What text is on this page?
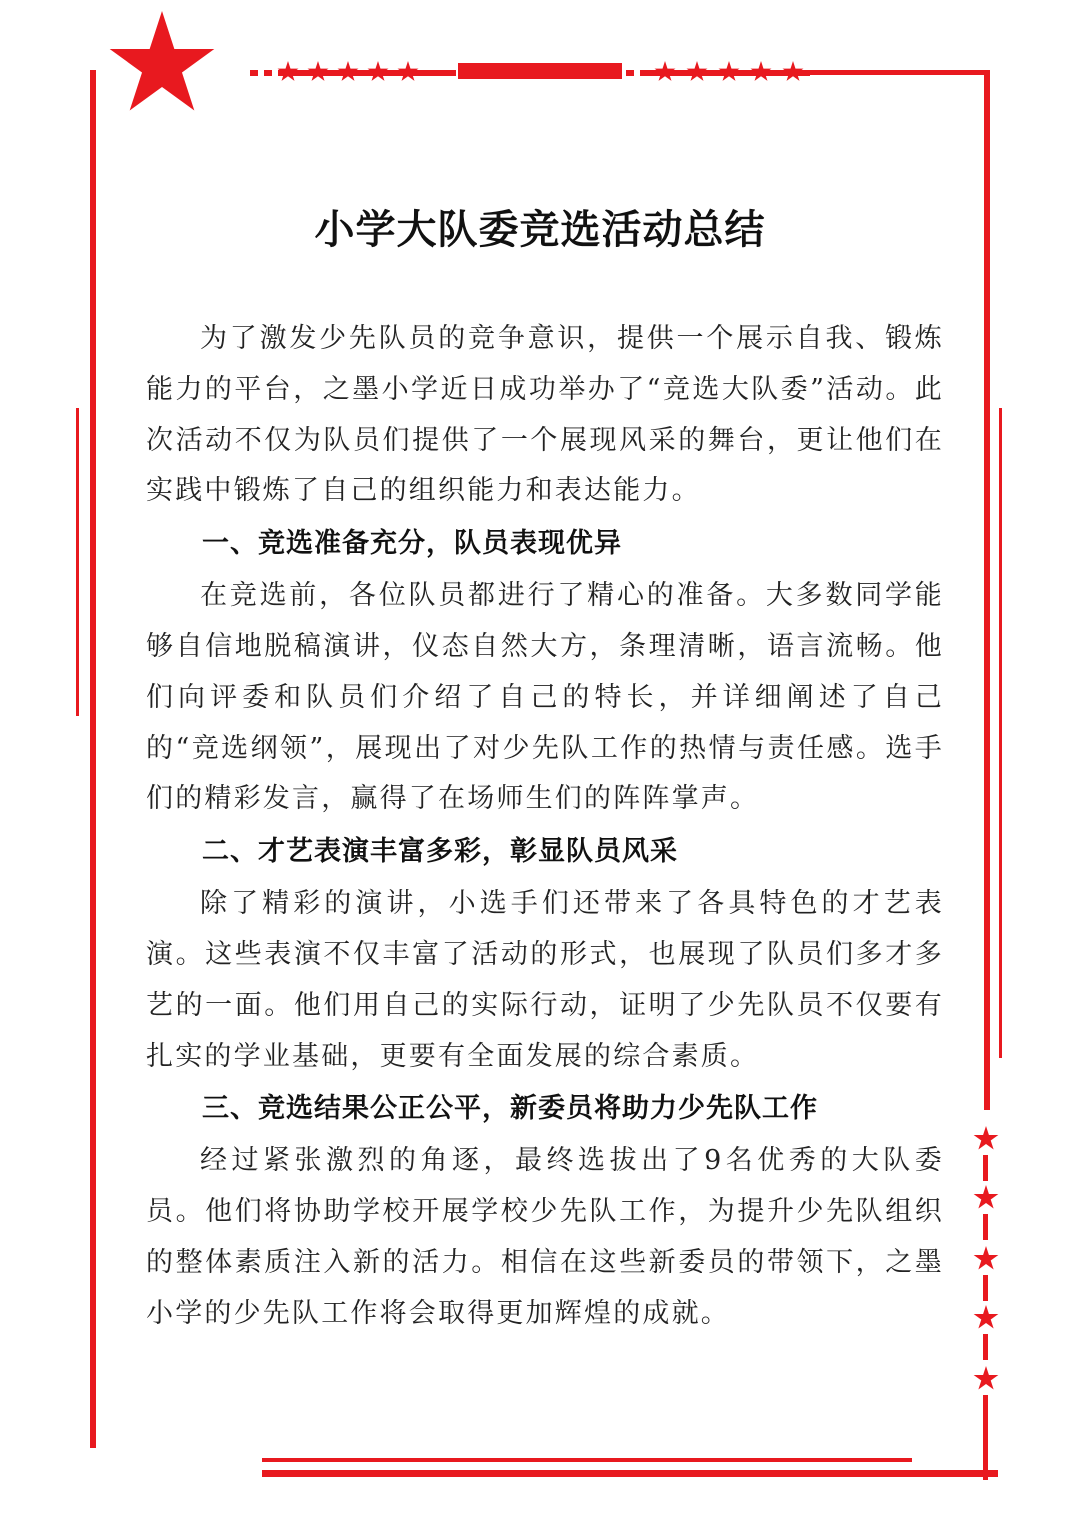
小学大队委竞选活动总结

为了激发少先队员的竞争意识，提供一个展示自我、锻炼能力的平台，之墨小学近日成功举办了“竞选大队委”活动。此次活动不仅为队员们提供了一个展现风采的舞台，更让他们在实践中锻炼了自己的组织能力和表达能力。

一、竞选准备充分，队员表现优异

在竞选前，各位队员都进行了精心的准备。大多数同学能够自信地脱稿演讲，仪态自然大方，条理清晰，语言流畅。他们向评委和队员们介绍了自己的特长，并详细阐述了自己的“竞选纲领”，展现出了对少先队工作的热情与责任感。选手们的精彩发言，赢得了在场师生们的阵阵掌声。

二、才艺表演丰富多彩，彰显队员风采

除了精彩的演讲，小选手们还带来了各具特色的才艺表演。这些表演不仅丰富了活动的形式，也展现了队员们多才多艺的一面。他们用自己的实际行动，证明了少先队员不仅要有扎实的学业基础，更要有全面发展的综合素质。

三、竞选结果公正公平，新委员将助力少先队工作

经过紧张激烈的角逐，最终选拔出了9名优秀的大队委员。他们将协助学校开展学校少先队工作，为提升少先队组织的整体素质注入新的活力。相信在这些新委员的带领下，之墨小学的少先队工作将会取得更加辉煌的成就。
